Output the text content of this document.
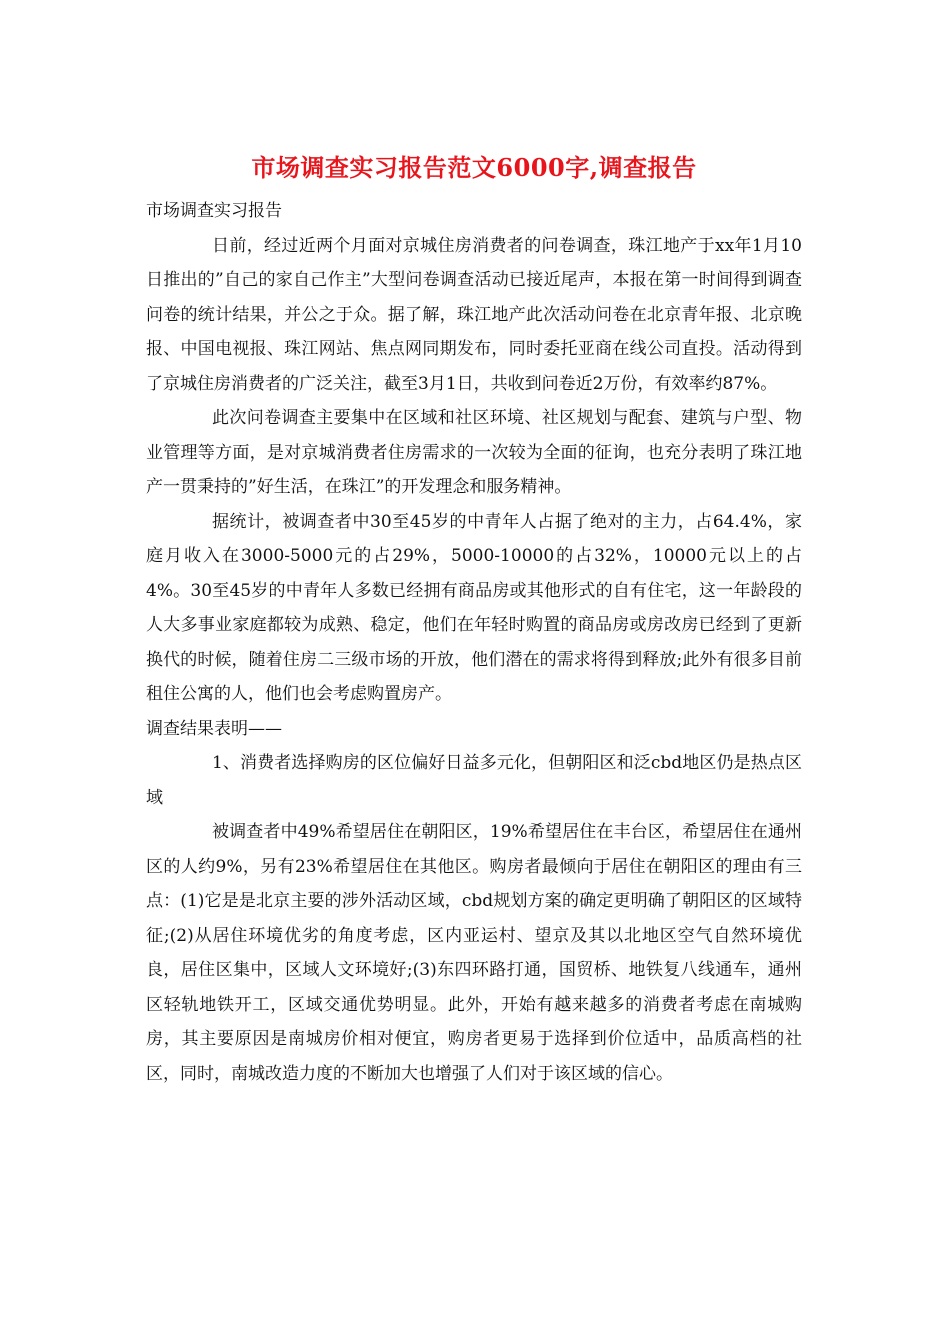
市场调查实习报告范文6000字,调查报告

市场调查实习报告

日前，经过近两个月面对京城住房消费者的问卷调查，珠江地产于xx年1月10日推出的”自己的家自己作主”大型问卷调查活动已接近尾声，本报在第一时间得到调查问卷的统计结果，并公之于众。据了解，珠江地产此次活动问卷在北京青年报、北京晚报、中国电视报、珠江网站、焦点网同期发布，同时委托亚商在线公司直投。活动得到了京城住房消费者的广泛关注，截至3月1日，共收到问卷近2万份，有效率约87%。

此次问卷调查主要集中在区域和社区环境、社区规划与配套、建筑与户型、物业管理等方面，是对京城消费者住房需求的一次较为全面的征询，也充分表明了珠江地产一贯秉持的”好生活，在珠江”的开发理念和服务精神。

据统计，被调查者中30至45岁的中青年人占据了绝对的主力，占64.4%，家庭月收入在3000-5000元的占29%，5000-10000的占32%，10000元以上的占4%。30至45岁的中青年人多数已经拥有商品房或其他形式的自有住宅，这一年龄段的人大多事业家庭都较为成熟、稳定，他们在年轻时购置的商品房或房改房已经到了更新换代的时候，随着住房二三级市场的开放，他们潜在的需求将得到释放;此外有很多目前租住公寓的人，他们也会考虑购置房产。

调查结果表明——

1、消费者选择购房的区位偏好日益多元化，但朝阳区和泛cbd地区仍是热点区域

被调查者中49%希望居住在朝阳区，19%希望居住在丰台区，希望居住在通州区的人约9%，另有23%希望居住在其他区。购房者最倾向于居住在朝阳区的理由有三点：(1)它是是北京主要的涉外活动区域，cbd规划方案的确定更明确了朝阳区的区域特征;(2)从居住环境优劣的角度考虑，区内亚运村、望京及其以北地区空气自然环境优良，居住区集中，区域人文环境好;(3)东四环路打通，国贸桥、地铁复八线通车，通州区轻轨地铁开工，区域交通优势明显。此外，开始有越来越多的消费者考虑在南城购房，其主要原因是南城房价相对便宜，购房者更易于选择到价位适中，品质高档的社区，同时，南城改造力度的不断加大也增强了人们对于该区域的信心。
